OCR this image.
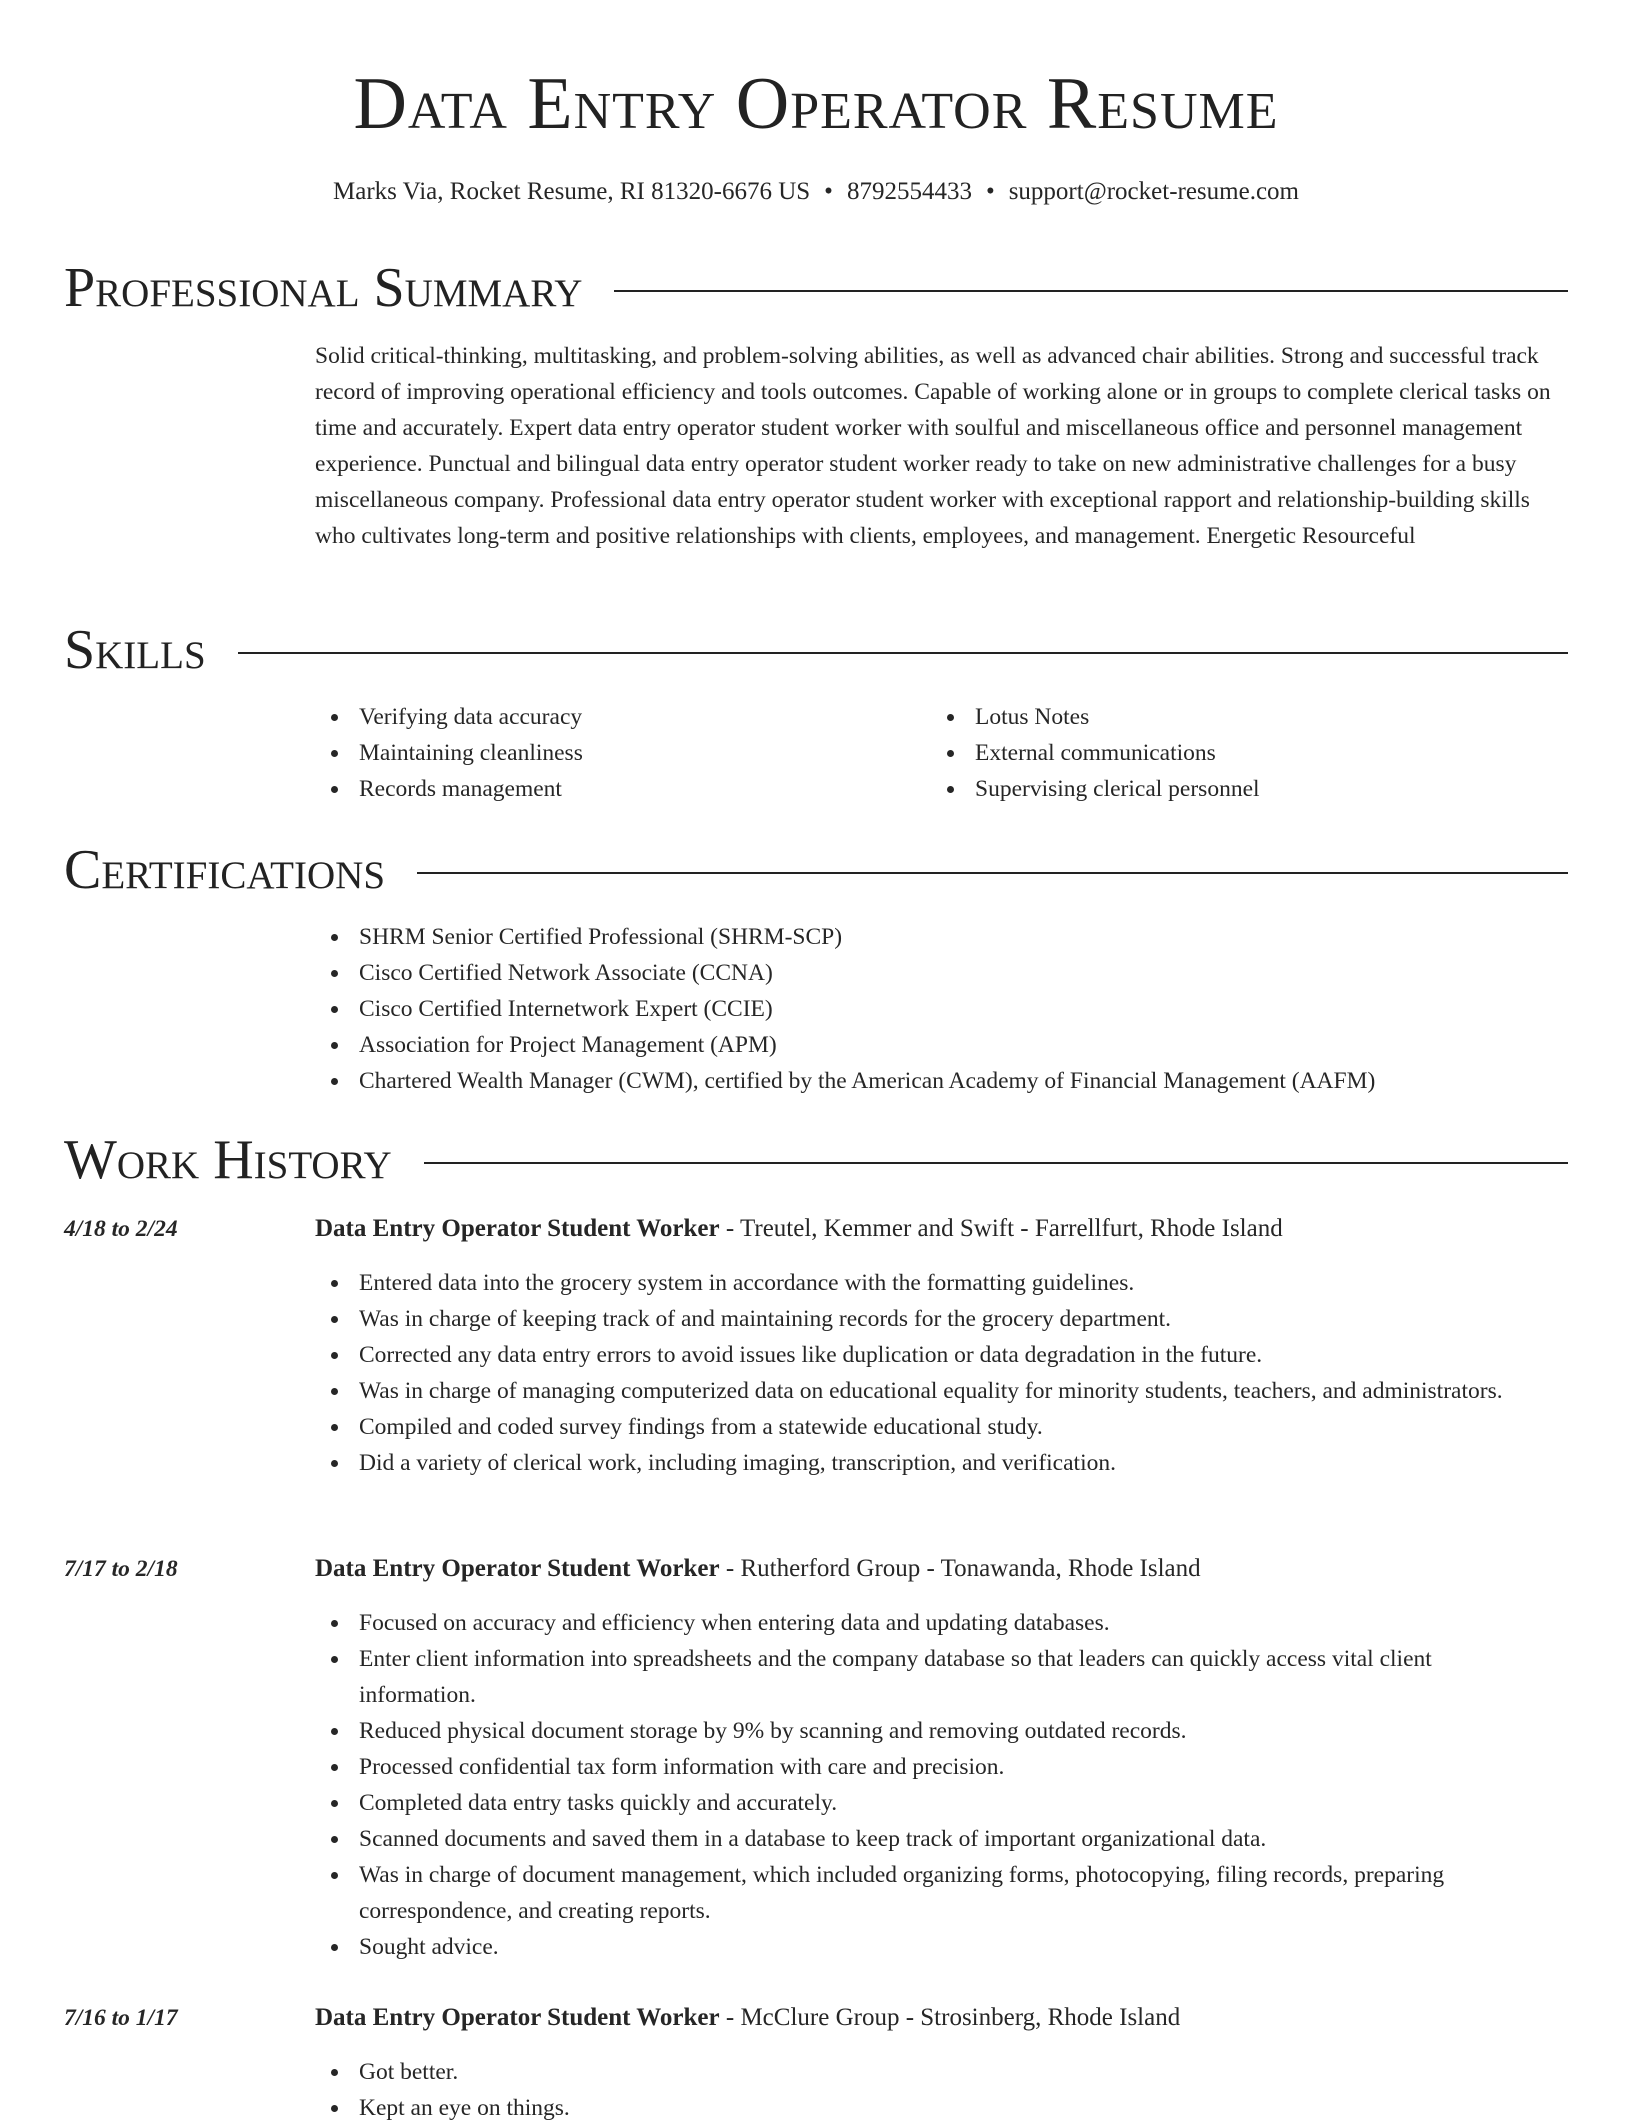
Data Entry Operator Resume
Marks Via, Rocket Resume, RI 81320-6676 US • 8792554433 • support@rocket-resume.com
Professional Summary

Solid critical-thinking, multitasking, and problem-solving abilities, as well as advanced chair abilities. Strong and successful track record of improving operational efficiency and tools outcomes. Capable of working alone or in groups to complete clerical tasks on time and accurately. Expert data entry operator student worker with soulful and miscellaneous office and personnel management experience. Punctual and bilingual data entry operator student worker ready to take on new administrative challenges for a busy miscellaneous company. Professional data entry operator student worker with exceptional rapport and relationship-building skills who cultivates long-term and positive relationships with clients, employees, and management. Energetic Resourceful

Skills
Verifying data accuracy
Maintaining cleanliness
Records management
Lotus Notes
External communications
Supervising clerical personnel
Certifications
SHRM Senior Certified Professional (SHRM-SCP)
Cisco Certified Network Associate (CCNA)
Cisco Certified Internetwork Expert (CCIE)
Association for Project Management (APM)
Chartered Wealth Manager (CWM), certified by the American Academy of Financial Management (AAFM)
Work History
4/18 to 2/24	Data Entry Operator Student Worker - Treutel, Kemmer and Swift - Farrellfurt, Rhode Island
Entered data into the grocery system in accordance with the formatting guidelines.
Was in charge of keeping track of and maintaining records for the grocery department.
Corrected any data entry errors to avoid issues like duplication or data degradation in the future.
Was in charge of managing computerized data on educational equality for minority students, teachers, and administrators.
Compiled and coded survey findings from a statewide educational study.
Did a variety of clerical work, including imaging, transcription, and verification.
7/17 to 2/18	Data Entry Operator Student Worker - Rutherford Group - Tonawanda, Rhode Island
Focused on accuracy and efficiency when entering data and updating databases.
Enter client information into spreadsheets and the company database so that leaders can quickly access vital client information.
Reduced physical document storage by 9% by scanning and removing outdated records.
Processed confidential tax form information with care and precision.
Completed data entry tasks quickly and accurately.
Scanned documents and saved them in a database to keep track of important organizational data.
Was in charge of document management, which included organizing forms, photocopying, filing records, preparing correspondence, and creating reports.
Sought advice.
7/16 to 1/17	Data Entry Operator Student Worker - McClure Group - Strosinberg, Rhode Island
Got better.
Kept an eye on things.
